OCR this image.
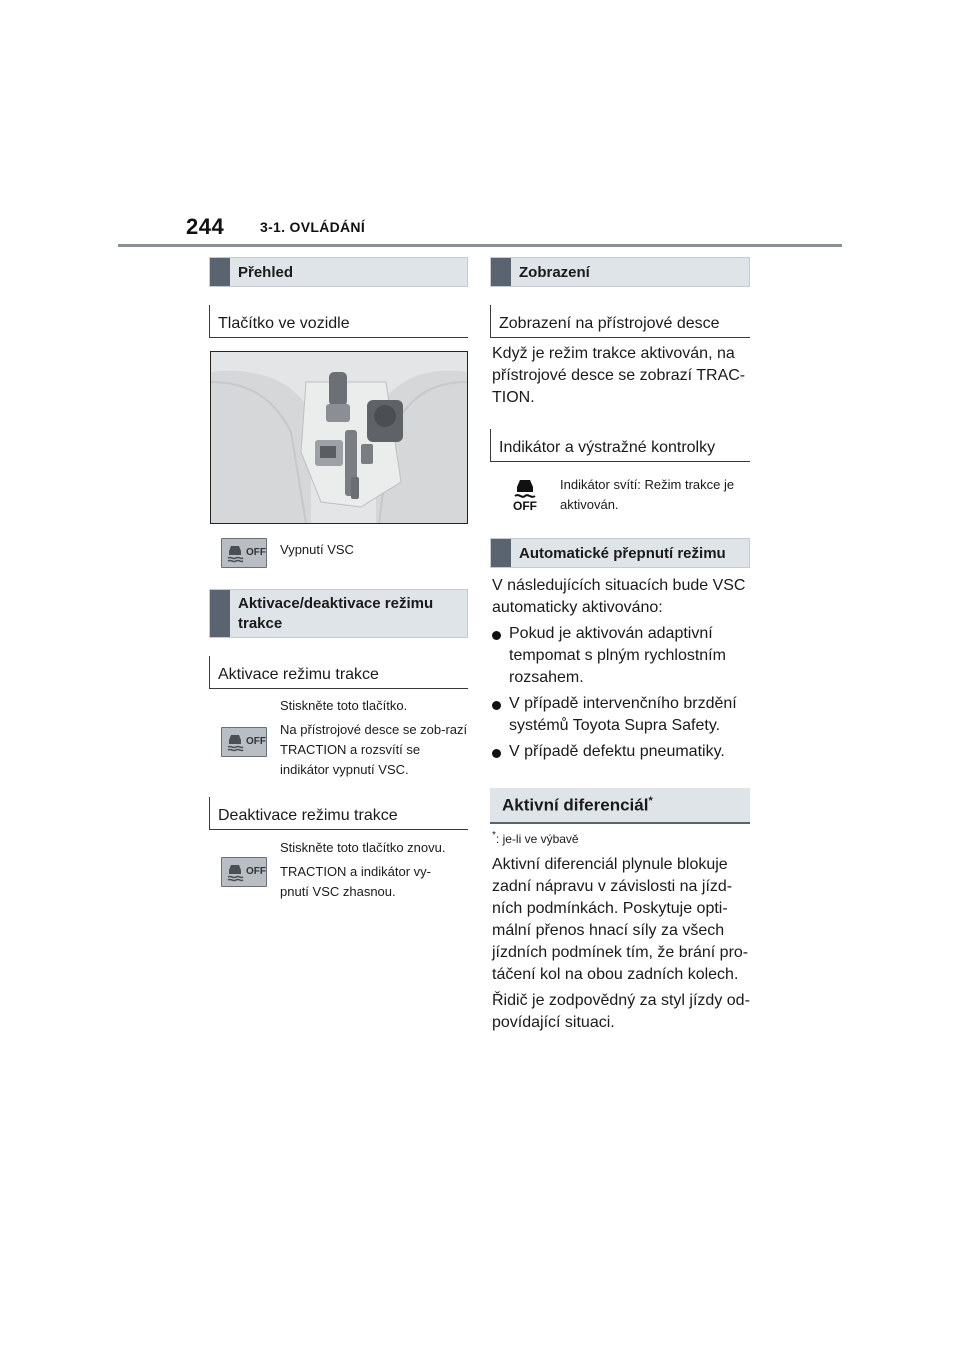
244	3-1. OVLÁDÁNÍ
Přehled
Tlačítko ve vozidle
OFF Vypnutí VSC
Aktivace/deaktivace režimu trakce
Aktivace režimu trakce
Stiskněte toto tlačítko.
Na přístrojové desce se zob-razí TRACTION a rozsvítí se indikátor vypnutí VSC.
OFF
Deaktivace režimu trakce
Stiskněte toto tlačítko znovu.
TRACTION a indikátor vy-pnutí VSC zhasnou.
OFF
Zobrazení
Zobrazení na přístrojové desce
Když je režim trakce aktivován, na přístrojové desce se zobrazí TRAC-TION.
Indikátor a výstražné kontrolky
OFF
Indikátor svítí: Režim trakce je aktivován.
Automatické přepnutí režimu
V následujících situacích bude VSC automaticky aktivováno:
Pokud je aktivován adaptivní tempomat s plným rychlostním rozsahem.
V případě intervenčního brzdění systémů Toyota Supra Safety.
V případě defektu pneumatiky.
Aktivní diferenciál*
*: je-li ve výbavě
Aktivní diferenciál plynule blokuje zadní nápravu v závislosti na jízd-ních podmínkách. Poskytuje opti-mální přenos hnací síly za všech jízdních podmínek tím, že brání pro-táčení kol na obou zadních kolech.
Řidič je zodpovědný za styl jízdy od-povídající situaci.
